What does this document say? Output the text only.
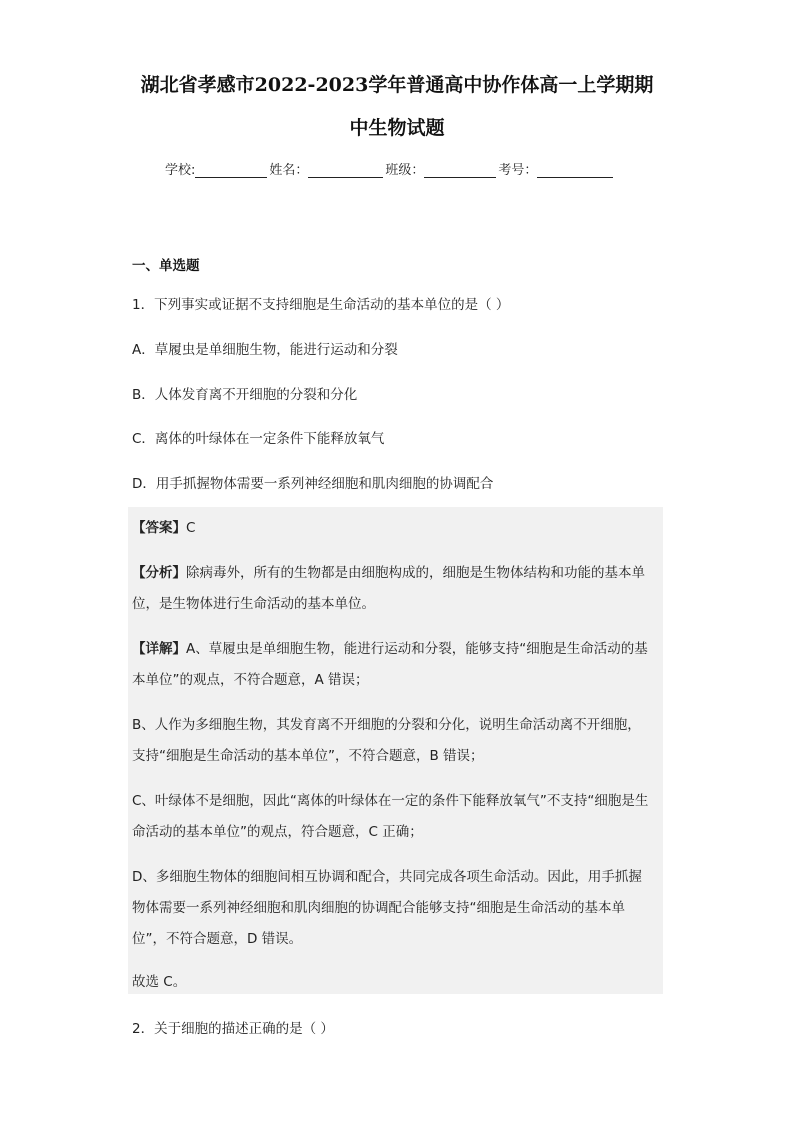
湖北省孝感市2022-2023学年普通高中协作体高一上学期期
中生物试题
学校:	姓名：	班级：	考号：
一、单选题
1．下列事实或证据不支持细胞是生命活动的基本单位的是（ ）
A．草履虫是单细胞生物，能进行运动和分裂
B．人体发育离不开细胞的分裂和分化
C．离体的叶绿体在一定条件下能释放氧气
D．用手抓握物体需要一系列神经细胞和肌肉细胞的协调配合
【答案】C
【分析】除病毒外，所有的生物都是由细胞构成的，细胞是生物体结构和功能的基本单
位，是生物体进行生命活动的基本单位。
【详解】A、草履虫是单细胞生物，能进行运动和分裂，能够支持“细胞是生命活动的基
本单位”的观点，不符合题意，A 错误；
B、人作为多细胞生物，其发育离不开细胞的分裂和分化，说明生命活动离不开细胞，
支持“细胞是生命活动的基本单位”，不符合题意，B 错误；
C、叶绿体不是细胞，因此“离体的叶绿体在一定的条件下能释放氧气”不支持“细胞是生
命活动的基本单位”的观点，符合题意，C 正确；
D、多细胞生物体的细胞间相互协调和配合，共同完成各项生命活动。因此，用手抓握
物体需要一系列神经细胞和肌肉细胞的协调配合能够支持“细胞是生命活动的基本单
位”，不符合题意，D 错误。
故选 C。
2．关于细胞的描述正确的是（ ）
